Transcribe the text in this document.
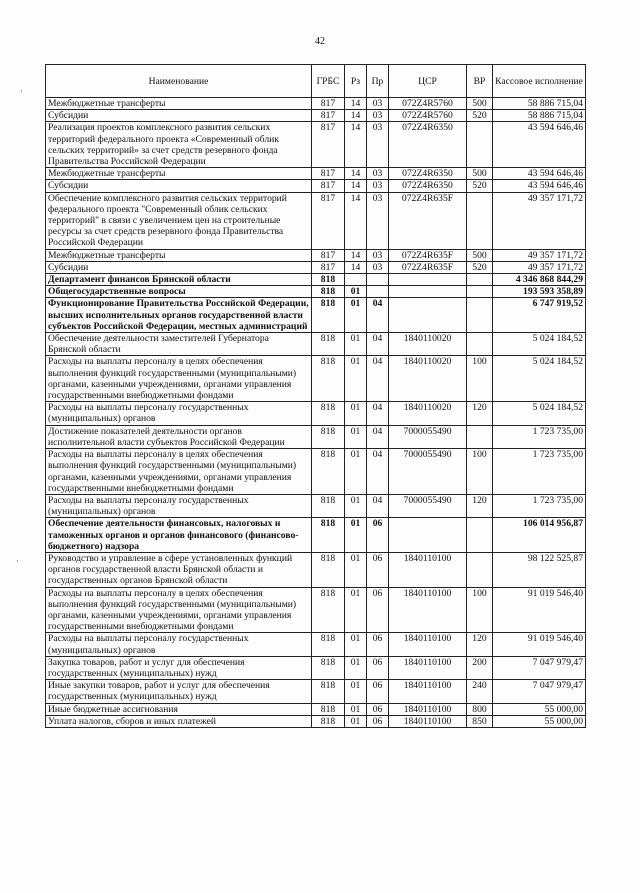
42
·
·
Наименование	ГРБС	Рз	Пр	ЦСР	ВР	Кассовое исполнение
Межбюджетные трансферты	817	14	03	072Z4R5760	500	58 886 715,04
Субсидии	817	14	03	072Z4R5760	520	58 886 715,04
Реализация проектов комплексного развития сельских территорий федерального проекта «Современный облик сельских территорий» за счет средств резервного фонда Правительства Российской Федерации	817	14	03	072Z4R6350		43 594 646,46
Межбюджетные трансферты	817	14	03	072Z4R6350	500	43 594 646,46
Субсидии	817	14	03	072Z4R6350	520	43 594 646,46
Обеспечение комплексного развития сельских территорий федерального проекта "Современный облик сельских территорий" в связи с увеличением цен на строительные ресурсы за счет средств резервного фонда Правительства Российской Федерации	817	14	03	072Z4R635F		49 357 171,72
Межбюджетные трансферты	817	14	03	072Z4R635F	500	49 357 171,72
Субсидии	817	14	03	072Z4R635F	520	49 357 171,72
Департамент финансов Брянской области	818					4 346 868 844,29
Общегосударственные вопросы	818	01				193 593 358,89
Функционирование Правительства Российской Федерации, высших исполнительных органов государственной власти субъектов Российской Федерации, местных администраций	818	01	04			6 747 919,52
Обеспечение деятельности заместителей Губернатора Брянской области	818	01	04	1840110020		5 024 184,52
Расходы на выплаты персоналу в целях обеспечения выполнения функций государственными (муниципальными) органами, казенными учреждениями, органами управления государственными внебюджетными фондами	818	01	04	1840110020	100	5 024 184,52
Расходы на выплаты персоналу государственных (муниципальных) органов	818	01	04	1840110020	120	5 024 184,52
Достижение показателей деятельности органов исполнительной власти субъектов Российской Федерации	818	01	04	7000055490		1 723 735,00
Расходы на выплаты персоналу в целях обеспечения выполнения функций государственными (муниципальными) органами, казенными учреждениями, органами управления государственными внебюджетными фондами	818	01	04	7000055490	100	1 723 735,00
Расходы на выплаты персоналу государственных (муниципальных) органов	818	01	04	7000055490	120	1 723 735,00
Обеспечение деятельности финансовых, налоговых и таможенных органов и органов финансового (финансово-бюджетного) надзора	818	01	06			106 014 956,87
Руководство и управление в сфере установленных функций органов государственной власти Брянской области и государственных органов Брянской области	818	01	06	1840110100		98 122 525,87
Расходы на выплаты персоналу в целях обеспечения выполнения функций государственными (муниципальными) органами, казенными учреждениями, органами управления государственными внебюджетными фондами	818	01	06	1840110100	100	91 019 546,40
Расходы на выплаты персоналу государственных (муниципальных) органов	818	01	06	1840110100	120	91 019 546,40
Закупка товаров, работ и услуг для обеспечения государственных (муниципальных) нужд	818	01	06	1840110100	200	7 047 979,47
Иные закупки товаров, работ и услуг для обеспечения государственных (муниципальных) нужд	818	01	06	1840110100	240	7 047 979,47
Иные бюджетные ассигнования	818	01	06	1840110100	800	55 000,00
Уплата налогов, сборов и иных платежей	818	01	06	1840110100	850	55 000,00
